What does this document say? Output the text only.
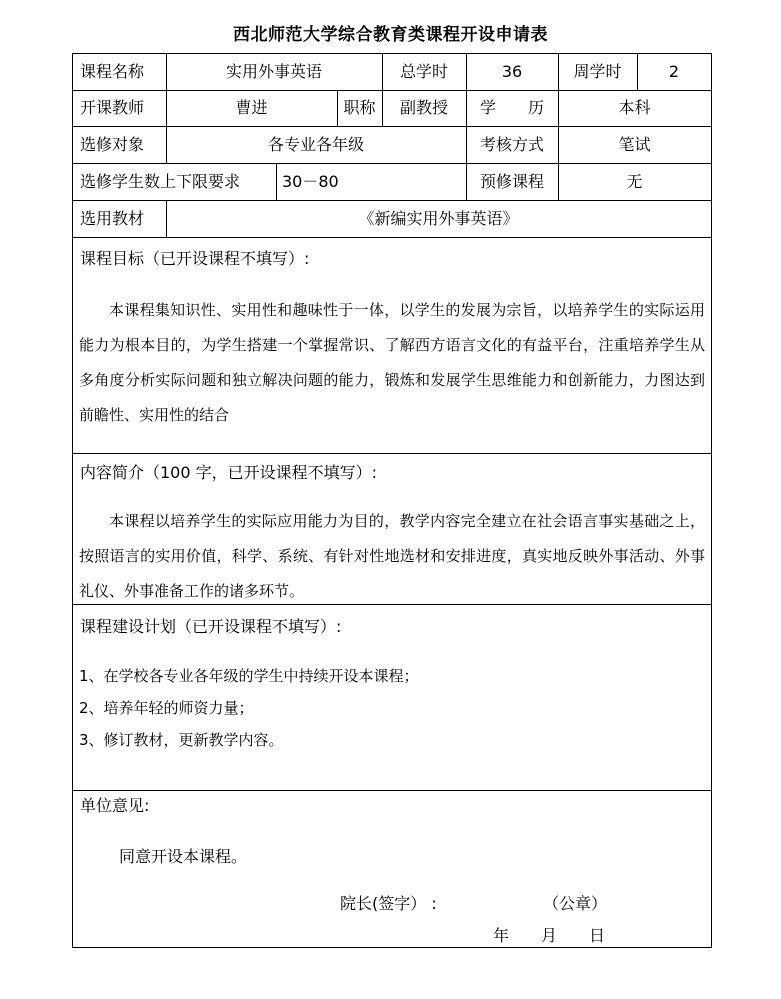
西北师范大学综合教育类课程开设申请表
课程名称	实用外事英语	总学时	36	周学时	2
开课教师	曹进	职称	副教授	学　　历	本科
选修对象	各专业各年级	考核方式	笔试
选修学生数上下限要求	30－80	预修课程	无
选用教材	《新编实用外事英语》
课程目标（已开设课程不填写）:
本课程集知识性、实用性和趣味性于一体，以学生的发展为宗旨，以培养学生的实际运用能力为根本目的，为学生搭建一个掌握常识、了解西方语言文化的有益平台，注重培养学生从多角度分析实际问题和独立解决问题的能力，锻炼和发展学生思维能力和创新能力，力图达到前瞻性、实用性的结合
内容简介（100 字，已开设课程不填写）:
本课程以培养学生的实际应用能力为目的，教学内容完全建立在社会语言事实基础之上，按照语言的实用价值，科学、系统、有针对性地选材和安排进度，真实地反映外事活动、外事礼仪、外事准备工作的诸多环节。
课程建设计划（已开设课程不填写）:
1、在学校各专业各年级的学生中持续开设本课程；
2、培养年轻的师资力量；
3、修订教材，更新教学内容。
单位意见:
同意开设本课程。
院长(签字） :	（公章）
年 月 日
